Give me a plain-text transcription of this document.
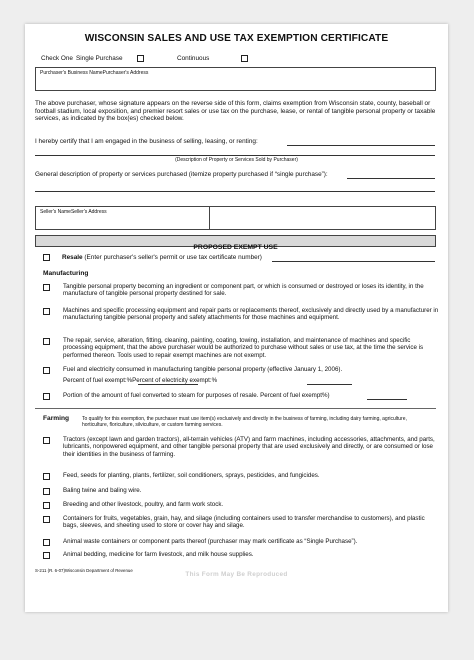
WISCONSIN SALES AND USE TAX EXEMPTION CERTIFICATE
Check One Single Purchase	Continuous
Purchaser's Business NamePurchaser's Address
The above purchaser, whose signature appears on the reverse side of this form, claims exemption from Wisconsin state, county, baseball or football stadium, local exposition, and premier resort sales or use tax on the purchase, lease, or rental of tangible personal property or taxable services, as indicated by the box(es) checked below.
I hereby certify that I am engaged in the business of selling, leasing, or renting:
(Description of Property or Services Sold by Purchaser)
General description of property or services purchased (itemize property purchased if “single purchase”):
Seller's NameSeller's Address
PROPOSED EXEMPT USE
Resale (Enter purchaser's seller's permit or use tax certificate number)
Manufacturing
Tangible personal property becoming an ingredient or component part, or which is consumed or destroyed or loses its identity, in the manufacture of tangible personal property destined for sale.
Machines and specific processing equipment and repair parts or replacements thereof, exclusively and directly used by a manufacturer in manufacturing tangible personal property and safety attachments for those machines and equipment.
The repair, service, alteration, fitting, cleaning, painting, coating, towing, installation, and maintenance of machines and specific processing equipment, that the above purchaser would be authorized to purchase without sales or use tax, at the time the service is performed thereon. Tools used to repair exempt machines are not exempt.
Fuel and electricity consumed in manufacturing tangible personal property (effective January 1, 2006).
Percent of fuel exempt:%Percent of electricity exempt:%
Portion of the amount of fuel converted to steam for purposes of resale. Percent of fuel exempt%)
Farming	To qualify for this exemption, the purchaser must use item(s) exclusively and directly in the business of farming, including dairy farming, agriculture, horticulture, floriculture, silviculture, or custom farming services.
Tractors (except lawn and garden tractors), all-terrain vehicles (ATV) and farm machines, including accessories, attachments, and parts, lubricants, nonpowered equipment, and other tangible personal property that are used exclusively and directly, or are consumed or lose their identities in the business of farming.
Feed, seeds for planting, plants, fertilizer, soil conditioners, sprays, pesticides, and fungicides.
Baling twine and baling wire.
Breeding and other livestock, poultry, and farm work stock.
Containers for fruits, vegetables, grain, hay, and silage (including containers used to transfer merchandise to customers), and plastic bags, sleeves, and sheeting used to store or cover hay and silage.
Animal waste containers or component parts thereof (purchaser may mark certificate as “Single Purchase”).
Animal bedding, medicine for farm livestock, and milk house supplies.
S-211 (R. 6-07)Wisconsin Department of Revenue
This Form May Be Reproduced
